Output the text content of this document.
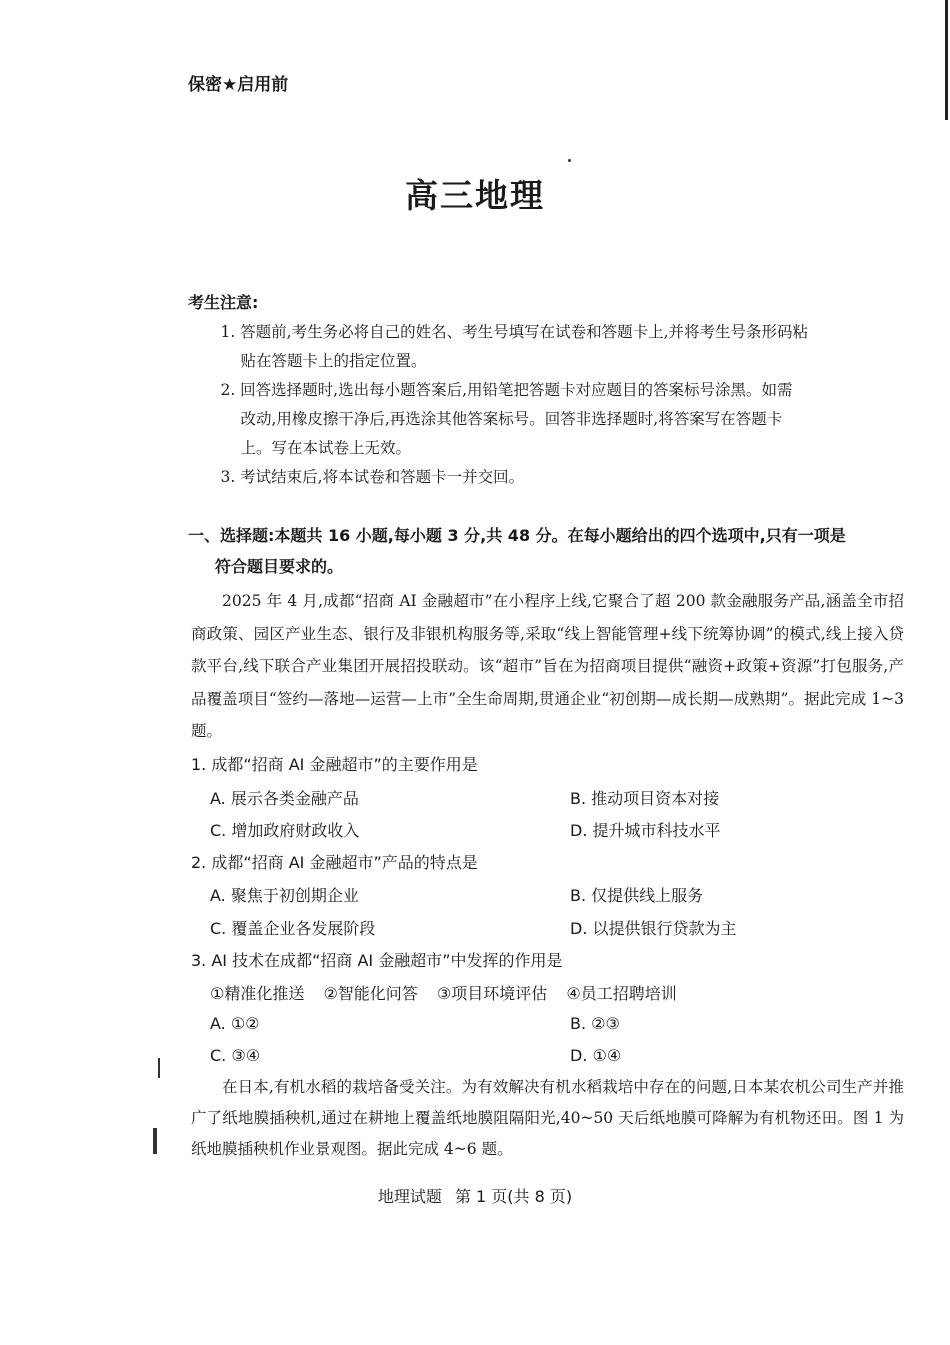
保密★启用前
高三地理
考生注意:
1. 答题前,考生务必将自己的姓名、考生号填写在试卷和答题卡上,并将考生号条形码粘
贴在答题卡上的指定位置。
2. 回答选择题时,选出每小题答案后,用铅笔把答题卡对应题目的答案标号涂黑。如需
改动,用橡皮擦干净后,再选涂其他答案标号。回答非选择题时,将答案写在答题卡
上。写在本试卷上无效。
3. 考试结束后,将本试卷和答题卡一并交回。
一、选择题:本题共 16 小题,每小题 3 分,共 48 分。在每小题给出的四个选项中,只有一项是
符合题目要求的。

2025 年 4 月,成都“招商 AI 金融超市”在小程序上线,它聚合了超 200 款金融服务产品,涵盖全市招商政策、园区产业生态、银行及非银机构服务等,采取“线上智能管理+线下统筹协调”的模式,线上接入贷款平台,线下联合产业集团开展招投联动。该“超市”旨在为招商项目提供“融资+政策+资源”打包服务,产品覆盖项目“签约—落地—运营—上市”全生命周期,贯通企业“初创期—成长期—成熟期”。据此完成 1~3 题。

1. 成都“招商 AI 金融超市”的主要作用是
A. 展示各类金融产品	B. 推动项目资本对接
C. 增加政府财政收入	D. 提升城市科技水平
2. 成都“招商 AI 金融超市”产品的特点是
A. 聚焦于初创期企业	B. 仅提供线上服务
C. 覆盖企业各发展阶段	D. 以提供银行贷款为主
3. AI 技术在成都“招商 AI 金融超市”中发挥的作用是
①精准化推送 ②智能化问答 ③项目环境评估 ④员工招聘培训
A. ①②	B. ②③
C. ③④	D. ①④

在日本,有机水稻的栽培备受关注。为有效解决有机水稻栽培中存在的问题,日本某农机公司生产并推广了纸地膜插秧机,通过在耕地上覆盖纸地膜阻隔阳光,40~50 天后纸地膜可降解为有机物还田。图 1 为纸地膜插秧机作业景观图。据此完成 4~6 题。

地理试题 第 1 页(共 8 页)
